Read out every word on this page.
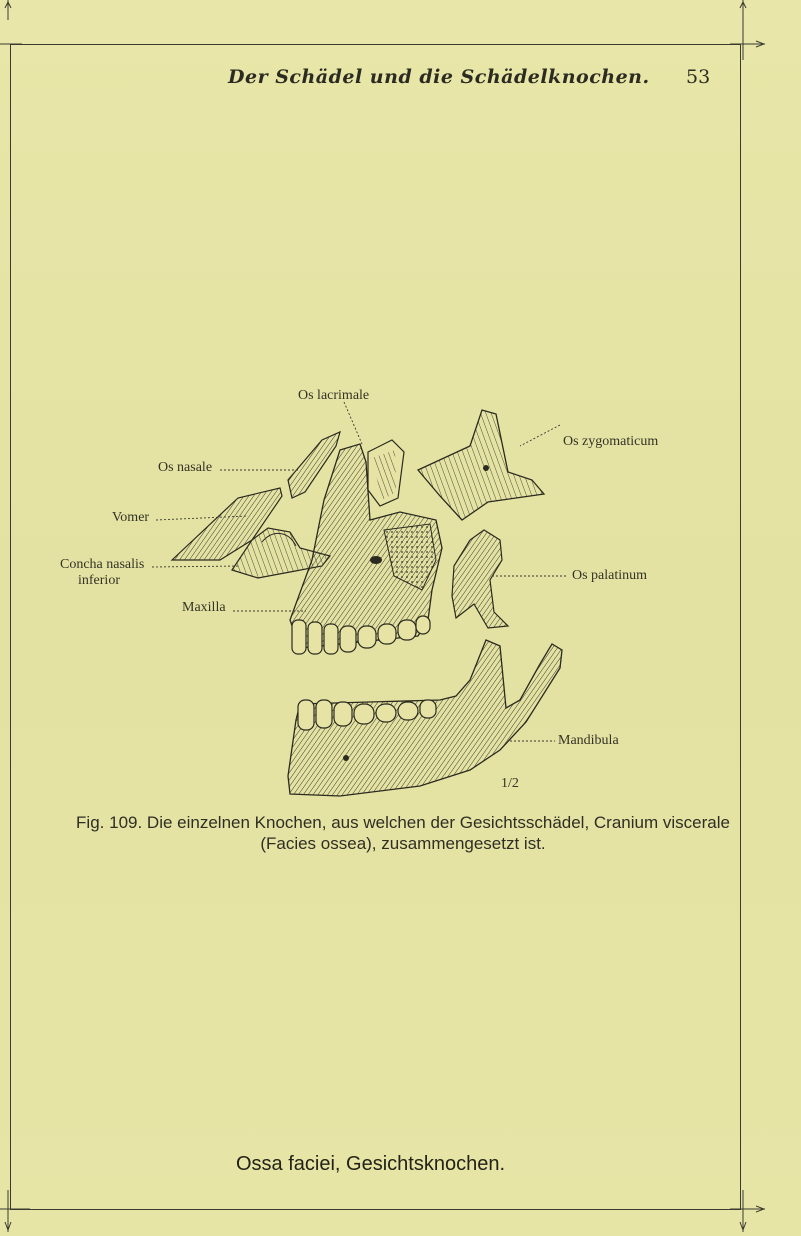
Der Schädel und die Schädelknochen. 53
Os lacrimale
Os nasale
Vomer
Concha nasalis
inferior
Maxilla
Os zygomaticum
Os palatinum
Mandibula
1/2
Fig. 109. Die einzelnen Knochen, aus welchen der Gesichtsschädel, Cranium viscerale
(Facies ossea), zusammengesetzt ist.
Ossa faciei, Gesichtsknochen.
